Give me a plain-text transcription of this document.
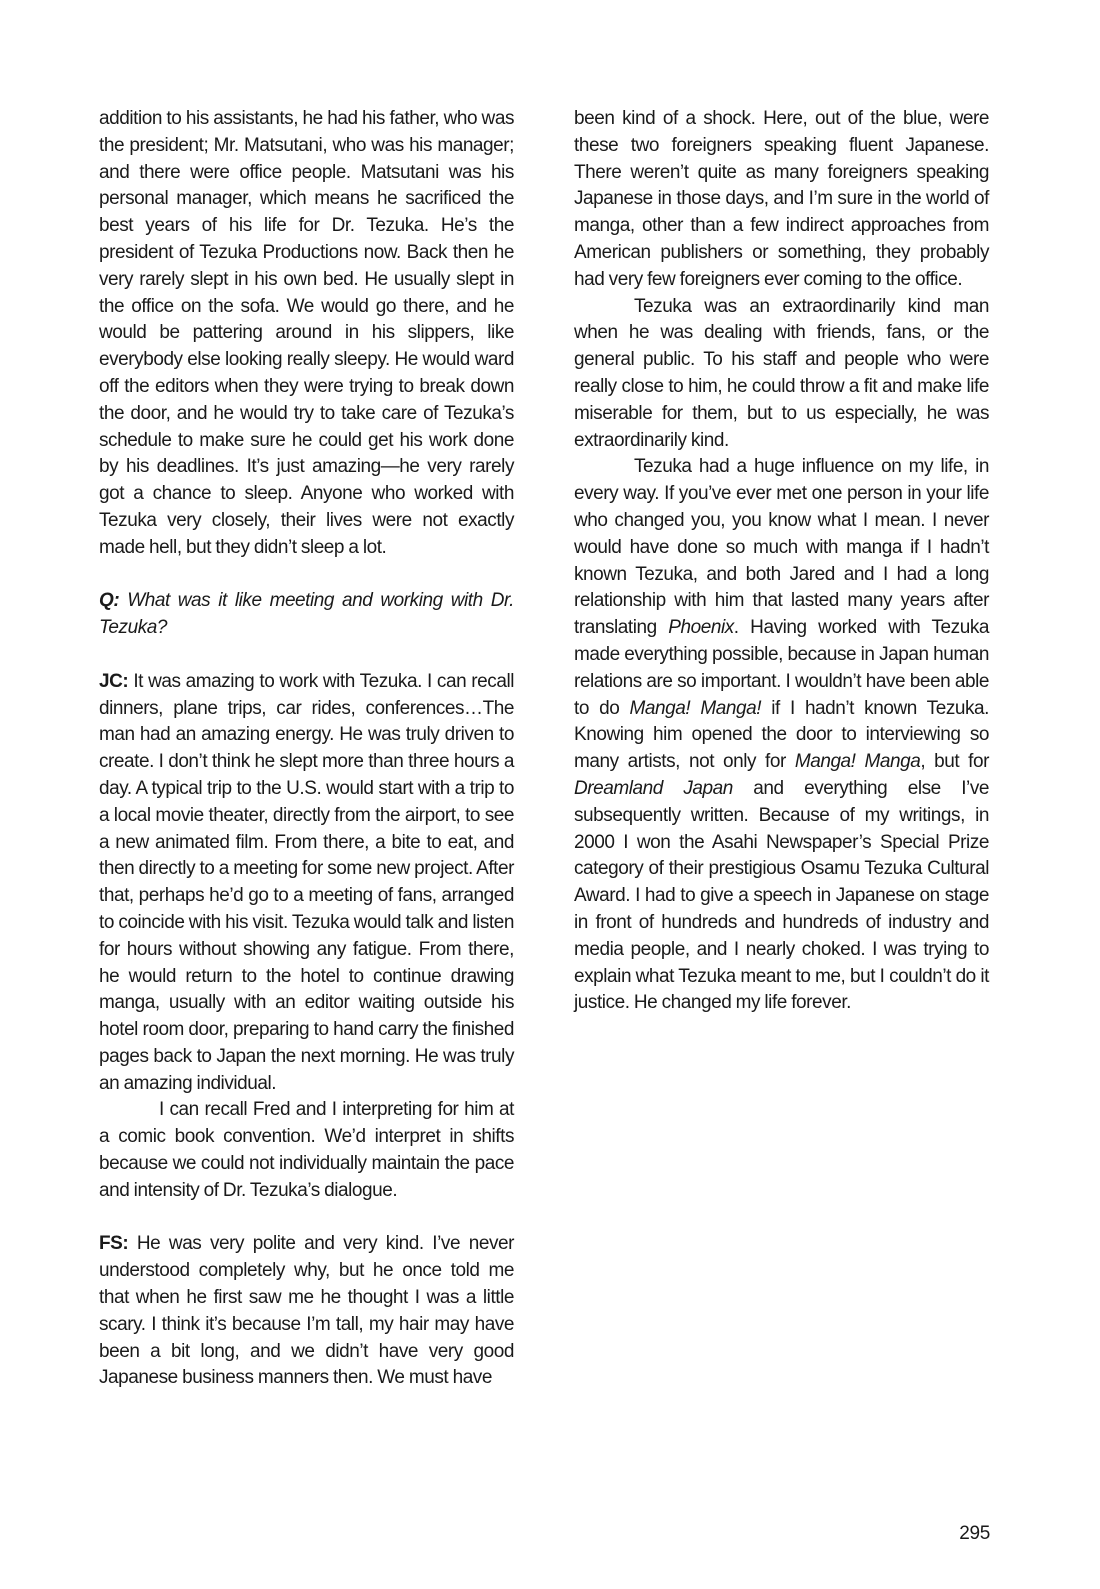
addition to his assistants, he had his father, who was the president; Mr. Matsutani, who was his manager; and there were office people. Matsutani was his personal manager, which means he sacrificed the best years of his life for Dr. Tezuka. He’s the president of Tezuka Productions now. Back then he very rarely slept in his own bed. He usually slept in the office on the sofa. We would go there, and he would be pattering around in his slippers, like everybody else looking really sleepy. He would ward off the editors when they were trying to break down the door, and he would try to take care of Tezuka’s schedule to make sure he could get his work done by his deadlines. It’s just amazing—he very rarely got a chance to sleep. Anyone who worked with Tezuka very closely, their lives were not exactly made hell, but they didn’t sleep a lot.

Q: What was it like meeting and working with Dr. Tezuka?

JC: It was amazing to work with Tezuka. I can recall dinners, plane trips, car rides, conferences…The man had an amazing energy. He was truly driven to create. I don’t think he slept more than three hours a day. A typical trip to the U.S. would start with a trip to a local movie theater, directly from the airport, to see a new animated film. From there, a bite to eat, and then directly to a meeting for some new project. After that, perhaps he’d go to a meeting of fans, arranged to coincide with his visit. Tezuka would talk and listen for hours without showing any fatigue. From there, he would return to the hotel to continue drawing manga, usually with an editor waiting outside his hotel room door, preparing to hand carry the finished pages back to Japan the next morning. He was truly an amazing individual.

I can recall Fred and I interpreting for him at a comic book convention. We’d interpret in shifts because we could not individually maintain the pace and intensity of Dr. Tezuka’s dialogue.

FS: He was very polite and very kind. I’ve never understood completely why, but he once told me that when he first saw me he thought I was a little scary. I think it’s because I’m tall, my hair may have been a bit long, and we didn’t have very good Japanese business manners then. We must have

been kind of a shock. Here, out of the blue, were these two foreigners speaking fluent Japanese. There weren’t quite as many foreigners speaking Japanese in those days, and I’m sure in the world of manga, other than a few indirect approaches from American publishers or something, they probably had very few foreigners ever coming to the office.

Tezuka was an extraordinarily kind man when he was dealing with friends, fans, or the general public. To his staff and people who were really close to him, he could throw a fit and make life miserable for them, but to us especially, he was extraordinarily kind.

Tezuka had a huge influence on my life, in every way. If you’ve ever met one person in your life who changed you, you know what I mean. I never would have done so much with manga if I hadn’t known Tezuka, and both Jared and I had a long relationship with him that lasted many years after translating Phoenix. Having worked with Tezuka made everything possible, because in Japan human relations are so important. I wouldn’t have been able to do Manga! Manga! if I hadn’t known Tezuka. Knowing him opened the door to interviewing so many artists, not only for Manga! Manga, but for Dreamland Japan and everything else I’ve subsequently written. Because of my writings, in 2000 I won the Asahi Newspaper’s Special Prize category of their prestigious Osamu Tezuka Cultural Award. I had to give a speech in Japanese on stage in front of hundreds and hundreds of industry and media people, and I nearly choked. I was trying to explain what Tezuka meant to me, but I couldn’t do it justice. He changed my life forever.

295
